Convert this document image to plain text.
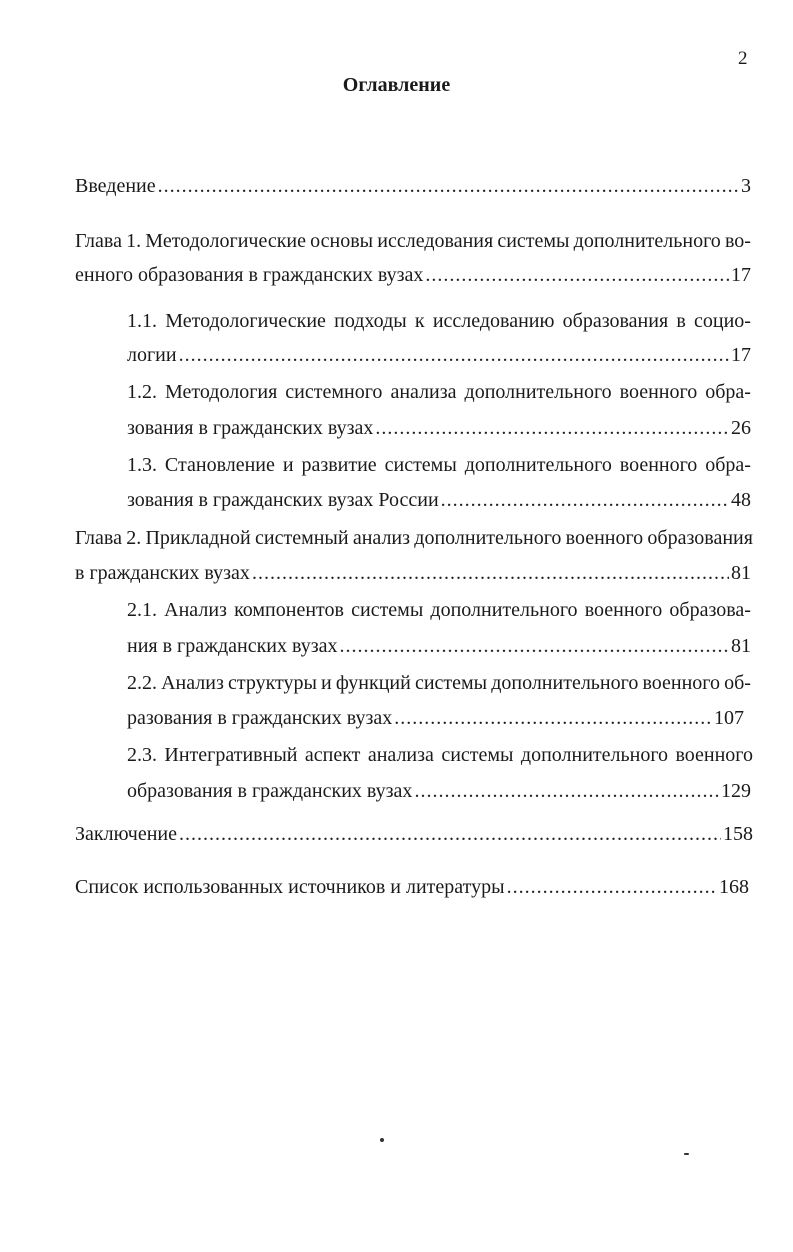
2
Оглавление
Введение . . .	3
Глава 1. Методологические основы исследования системы дополнительного во-
енного образования в гражданских вузах . . .	17
1.1. Методологические подходы к исследованию образования в социо-
логии . . .	17
1.2. Методология системного анализа дополнительного военного обра-
зования в гражданских вузах . . .	26
1.3. Становление и развитие системы дополнительного военного обра-
зования в гражданских вузах России . . .	48
Глава 2. Прикладной системный анализ дополнительного военного образования
в гражданских вузах . . .	81
2.1. Анализ компонентов системы дополнительного военного образова-
ния в гражданских вузах . . .	81
2.2. Анализ структуры и функций системы дополнительного военного об-
разования в гражданских вузах . . .	107
2.3. Интегративный аспект анализа системы дополнительного военного
образования в гражданских вузах . . .	129
Заключение . . .	158
Список использованных источников и литературы . . .	168
